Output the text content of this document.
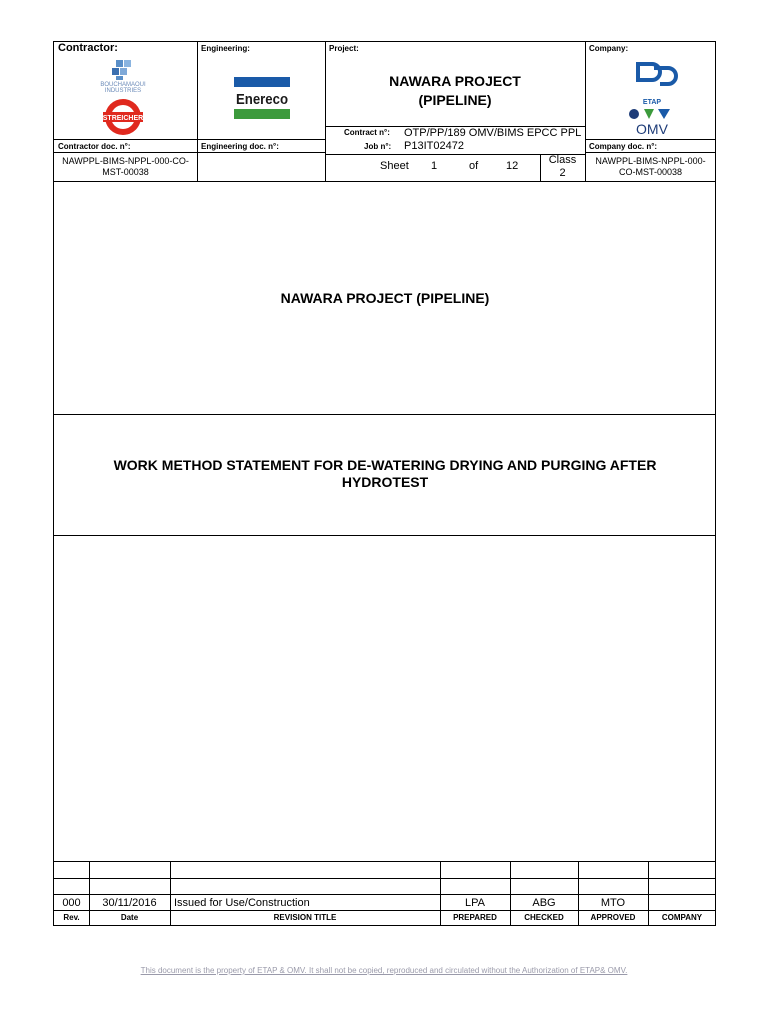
Contractor:
BOUCHAMAOUI
INDUSTRIES
STREICHER
Engineering:
Enereco
Project:
NAWARA PROJECT
(PIPELINE)
Contract n°: OTP/PP/189 OMV/BIMS EPCC PPL
Job n°: P13IT02472
Company:
ETAP
OMV
Contractor doc. n°:
NAWPPL-BIMS-NPPL-000-CO-
MST-00038
Engineering doc. n°:
Sheet 1	of	12	Class
2
Company doc. n°:
NAWPPL-BIMS-NPPL-000-
CO-MST-00038
NAWARA PROJECT (PIPELINE)
WORK METHOD STATEMENT FOR DE-WATERING DRYING AND PURGING AFTER
HYDROTEST
000	30/11/2016	Issued for Use/Construction	LPA	ABG	MTO
Rev.	Date	REVISION TITLE	PREPARED	CHECKED	APPROVED	COMPANY
This document is the property of ETAP & OMV. It shall not be copied, reproduced and circulated without the Authorization of ETAP& OMV.
